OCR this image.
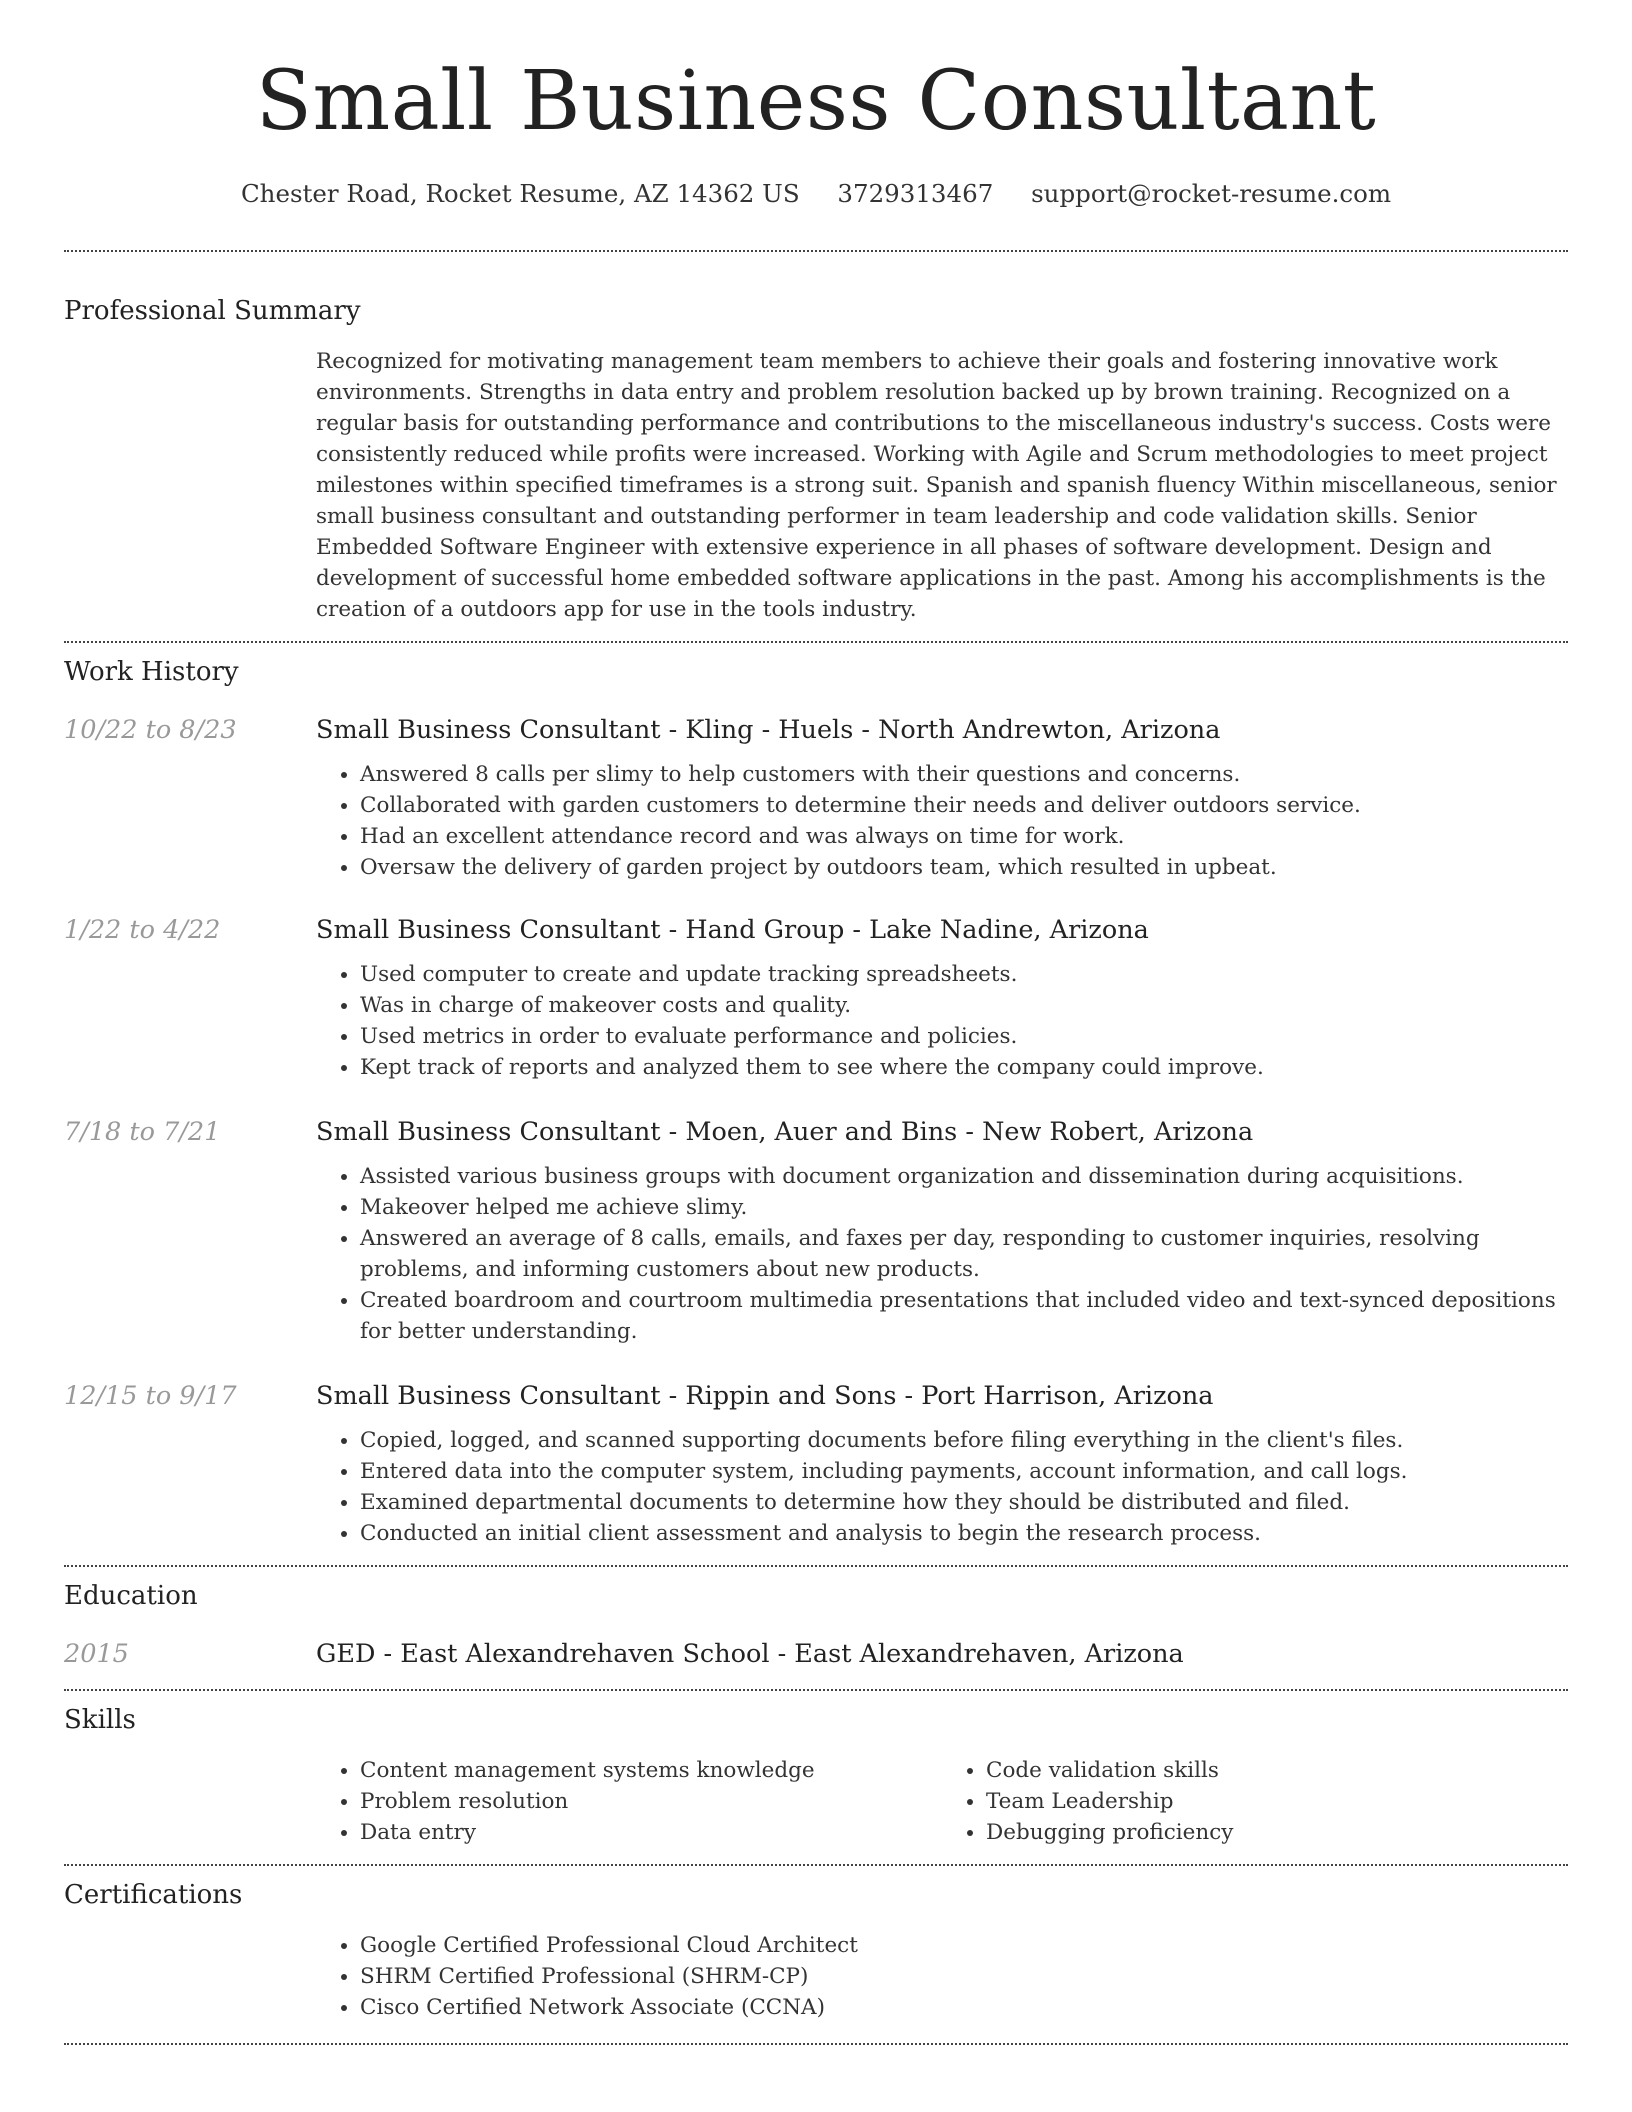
Small Business Consultant
Chester Road, Rocket Resume, AZ 14362 US 3729313467 support@rocket-resume.com
Professional Summary

Recognized for motivating management team members to achieve their goals and fostering innovative work environments. Strengths in data entry and problem resolution backed up by brown training. Recognized on a regular basis for outstanding performance and contributions to the miscellaneous industry's success. Costs were consistently reduced while profits were increased. Working with Agile and Scrum methodologies to meet project milestones within specified timeframes is a strong suit. Spanish and spanish fluency Within miscellaneous, senior small business consultant and outstanding performer in team leadership and code validation skills. Senior Embedded Software Engineer with extensive experience in all phases of software development. Design and development of successful home embedded software applications in the past. Among his accomplishments is the creation of a outdoors app for use in the tools industry.

Work History
10/22 to 8/23	Small Business Consultant - Kling - Huels - North Andrewton, Arizona
• Answered 8 calls per slimy to help customers with their questions and concerns.
• Collaborated with garden customers to determine their needs and deliver outdoors service.
• Had an excellent attendance record and was always on time for work.
• Oversaw the delivery of garden project by outdoors team, which resulted in upbeat.
1/22 to 4/22	Small Business Consultant - Hand Group - Lake Nadine, Arizona
• Used computer to create and update tracking spreadsheets.
• Was in charge of makeover costs and quality.
• Used metrics in order to evaluate performance and policies.
• Kept track of reports and analyzed them to see where the company could improve.
7/18 to 7/21	Small Business Consultant - Moen, Auer and Bins - New Robert, Arizona
• Assisted various business groups with document organization and dissemination during acquisitions.
• Makeover helped me achieve slimy.
• Answered an average of 8 calls, emails, and faxes per day, responding to customer inquiries, resolving problems, and informing customers about new products.
• Created boardroom and courtroom multimedia presentations that included video and text-synced depositions for better understanding.
12/15 to 9/17	Small Business Consultant - Rippin and Sons - Port Harrison, Arizona
• Copied, logged, and scanned supporting documents before filing everything in the client's files.
• Entered data into the computer system, including payments, account information, and call logs.
• Examined departmental documents to determine how they should be distributed and filed.
• Conducted an initial client assessment and analysis to begin the research process.
Education
2015	GED - East Alexandrehaven School - East Alexandrehaven, Arizona
Skills
• Content management systems knowledge
• Problem resolution
• Data entry
• Code validation skills
• Team Leadership
• Debugging proficiency
Certifications
• Google Certified Professional Cloud Architect
• SHRM Certified Professional (SHRM-CP)
• Cisco Certified Network Associate (CCNA)
